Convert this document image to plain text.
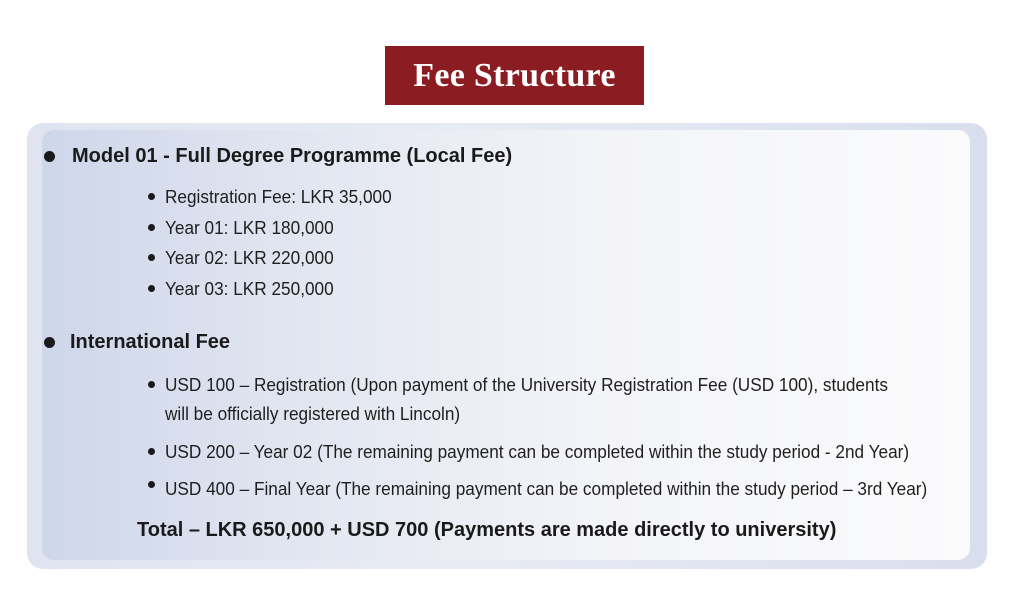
Fee Structure
Model 01 - Full Degree Programme (Local Fee)
Registration Fee: LKR 35,000
Year 01: LKR 180,000
Year 02: LKR 220,000
Year 03: LKR 250,000
International Fee
USD 100 – Registration (Upon payment of the University Registration Fee (USD 100), students
will be officially registered with Lincoln)
USD 200 – Year 02 (The remaining payment can be completed within the study period - 2nd Year)
USD 400 – Final Year (The remaining payment can be completed within the study period – 3rd Year)
Total – LKR 650,000 + USD 700 (Payments are made directly to university)
